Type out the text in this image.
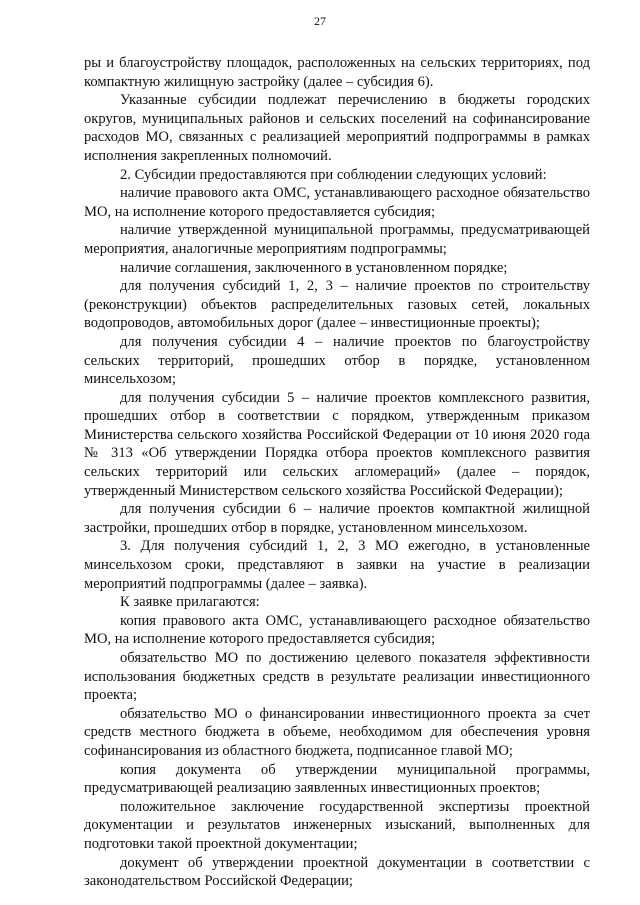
27

ры и благоустройству площадок, расположенных на сельских территориях, под компактную жилищную застройку (далее – субсидия 6).

Указанные субсидии подлежат перечислению в бюджеты городских округов, муниципальных районов и сельских поселений на софинансирование расходов МО, связанных с реализацией мероприятий подпрограммы в рамках исполнения закрепленных полномочий.

2. Субсидии предоставляются при соблюдении следующих условий:

наличие правового акта ОМС, устанавливающего расходное обязательство МО, на исполнение которого предоставляется субсидия;

наличие утвержденной муниципальной программы, предусматривающей мероприятия, аналогичные мероприятиям подпрограммы;

наличие соглашения, заключенного в установленном порядке;

для получения субсидий 1, 2, 3 – наличие проектов по строительству (реконструкции) объектов распределительных газовых сетей, локальных водопроводов, автомобильных дорог (далее – инвестиционные проекты);

для получения субсидии 4 – наличие проектов по благоустройству сельских территорий, прошедших отбор в порядке, установленном минсельхозом;

для получения субсидии 5 – наличие проектов комплексного развития, прошедших отбор в соответствии с порядком, утвержденным приказом Министерства сельского хозяйства Российской Федерации от 10 июня 2020 года № 313 «Об утверждении Порядка отбора проектов комплексного развития сельских территорий или сельских агломераций» (далее – порядок, утвержденный Министерством сельского хозяйства Российской Федерации);

для получения субсидии 6 – наличие проектов компактной жилищной застройки, прошедших отбор в порядке, установленном минсельхозом.

3. Для получения субсидий 1, 2, 3 МО ежегодно, в установленные минсельхозом сроки, представляют в заявки на участие в реализации мероприятий подпрограммы (далее – заявка).

К заявке прилагаются:

копия правового акта ОМС, устанавливающего расходное обязательство МО, на исполнение которого предоставляется субсидия;

обязательство МО по достижению целевого показателя эффективности использования бюджетных средств в результате реализации инвестиционного проекта;

обязательство МО о финансировании инвестиционного проекта за счет средств местного бюджета в объеме, необходимом для обеспечения уровня софинансирования из областного бюджета, подписанное главой МО;

копия документа об утверждении муниципальной программы, предусматривающей реализацию заявленных инвестиционных проектов;

положительное заключение государственной экспертизы проектной документации и результатов инженерных изысканий, выполненных для подготовки такой проектной документации;

документ об утверждении проектной документации в соответствии с законодательством Российской Федерации;
